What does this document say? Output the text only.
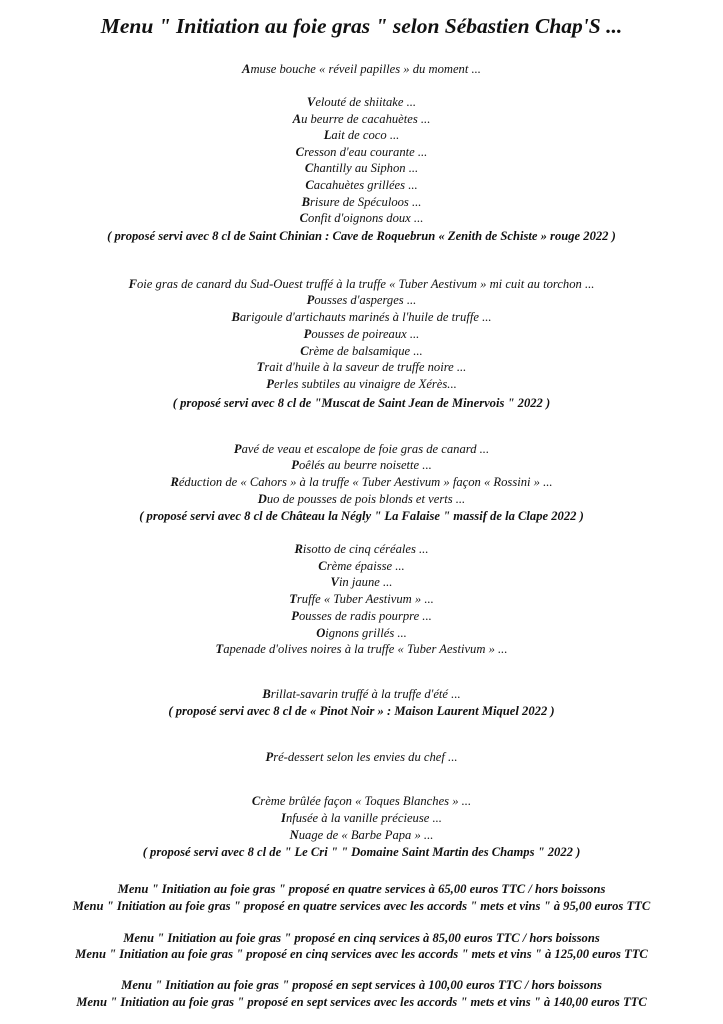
Menu " Initiation au foie gras " selon Sébastien Chap'S ...
Amuse bouche « réveil papilles » du moment ...
Velouté de shiitake ...
Au beurre de cacahuètes ...
Lait de coco ...
Cresson d'eau courante ...
Chantilly au Siphon ...
Cacahuètes grillées ...
Brisure de Spéculoos ...
Confit d'oignons doux ...
( proposé servi avec 8 cl de Saint Chinian : Cave de Roquebrun « Zenith de Schiste » rouge 2022 )
Foie gras de canard du Sud-Ouest truffé à la truffe « Tuber Aestivum » mi cuit au torchon ...
Pousses d'asperges ...
Barigoule d'artichauts marinés à l'huile de truffe ...
Pousses de poireaux ...
Crème de balsamique ...
Trait d'huile à la saveur de truffe noire ...
Perles subtiles au vinaigre de Xérès...
( proposé servi avec 8 cl de "Muscat de Saint Jean de Minervois " 2022 )
Pavé de veau et escalope de foie gras de canard ...
Poêlés au beurre noisette ...
Réduction de « Cahors » à la truffe « Tuber Aestivum » façon « Rossini » ...
Duo de pousses de pois blonds et verts ...
( proposé servi avec 8 cl de Château la Négly " La Falaise " massif de la Clape 2022 )
Risotto de cinq céréales ...
Crème épaisse ...
Vin jaune ...
Truffe « Tuber Aestivum » ...
Pousses de radis pourpre ...
Oignons grillés ...
Tapenade d'olives noires à la truffe « Tuber Aestivum » ...
Brillat-savarin truffé à la truffe d'été ...
( proposé servi avec 8 cl de « Pinot Noir » : Maison Laurent Miquel 2022 )
Pré-dessert selon les envies du chef ...
Crème brûlée façon « Toques Blanches » ...
Infusée à la vanille précieuse ...
Nuage de « Barbe Papa » ...
( proposé servi avec 8 cl de " Le Cri " " Domaine Saint Martin des Champs " 2022 )
Menu " Initiation au foie gras " proposé en quatre services à 65,00 euros TTC / hors boissons
Menu " Initiation au foie gras " proposé en quatre services avec les accords " mets et vins " à 95,00 euros TTC
Menu " Initiation au foie gras " proposé en cinq services à 85,00 euros TTC / hors boissons
Menu " Initiation au foie gras " proposé en cinq services avec les accords " mets et vins " à 125,00 euros TTC
Menu " Initiation au foie gras " proposé en sept services à 100,00 euros TTC / hors boissons
Menu " Initiation au foie gras " proposé en sept services avec les accords " mets et vins " à 140,00 euros TTC
